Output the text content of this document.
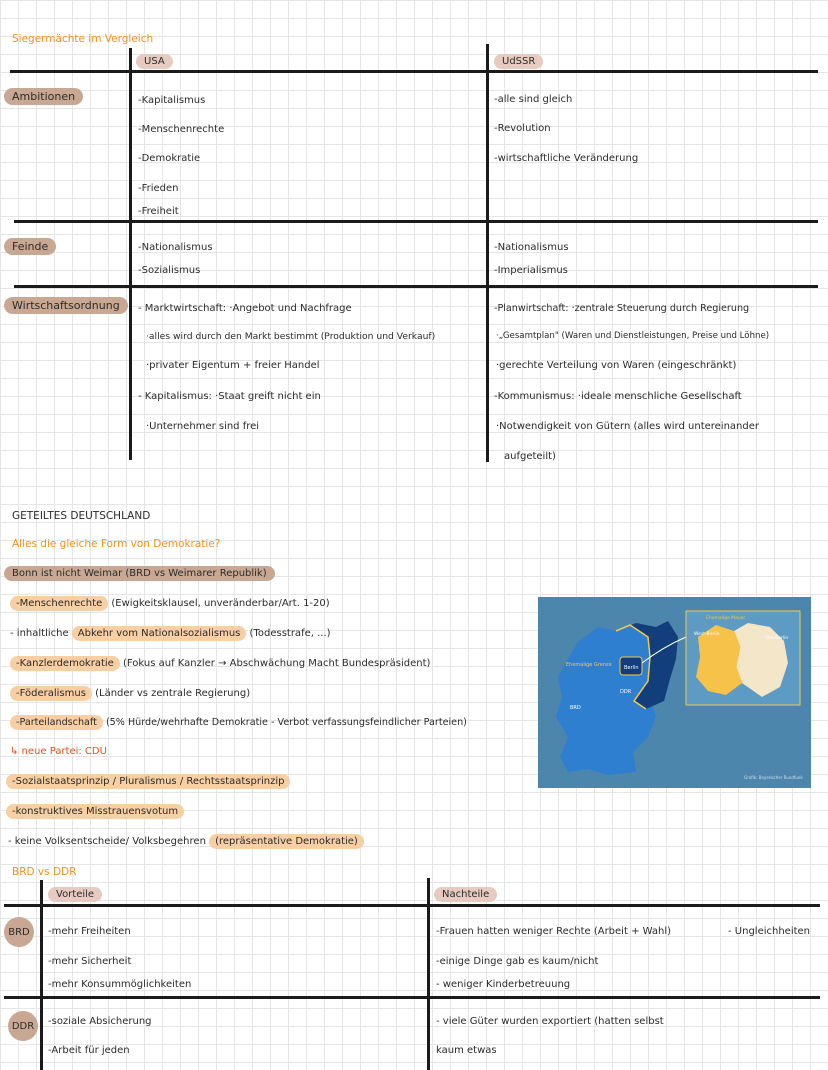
Siegermächte im Vergleich
USA	UdSSR
Ambitionen
Feinde
Wirtschaftsordnung
-Kapitalismus
-Menschenrechte
-Demokratie
-Frieden
-Freiheit
-alle sind gleich
-Revolution
-wirtschaftliche Veränderung
-Nationalismus
-Sozialismus
-Nationalismus
-Imperialismus
- Marktwirtschaft: ·Angebot und Nachfrage
·alles wird durch den Markt bestimmt (Produktion und Verkauf)
·privater Eigentum + freier Handel
- Kapitalismus: ·Staat greift nicht ein
·Unternehmer sind frei
-Planwirtschaft: ·zentrale Steuerung durch Regierung
·„Gesamtplan" (Waren und Dienstleistungen, Preise und Löhne)
·gerechte Verteilung von Waren (eingeschränkt)
-Kommunismus: ·ideale menschliche Gesellschaft
·Notwendigkeit von Gütern (alles wird untereinander
aufgeteilt)
GETEILTES DEUTSCHLAND
Alles die gleiche Form von Demokratie?
Bonn ist nicht Weimar (BRD vs Weimarer Republik)
-Menschenrechte (Ewigkeitsklausel, unveränderbar/Art. 1-20)
- inhaltliche Abkehr vom Nationalsozialismus (Todesstrafe, ...)
-Kanzlerdemokratie (Fokus auf Kanzler → Abschwächung Macht Bundespräsident)
-Föderalismus (Länder vs zentrale Regierung)
-Parteilandschaft (5% Hürde/wehrhafte Demokratie - Verbot verfassungsfeindlicher Parteien)
↳ neue Partei: CDU
-Sozialstaatsprinzip / Pluralismus / Rechtsstaatsprinzip
-konstruktives Misstrauensvotum
- keine Volksentscheide/ Volksbegehren (repräsentative Demokratie)
Berlin
Ehemalige Grenze
BRD
DDR
Ehemalige Mauer
West-Berlin
Ost-Berlin
Grafik: Bayerischer Rundfunk
BRD vs DDR
Vorteile	Nachteile
BRD
DDR
-mehr Freiheiten
-mehr Sicherheit
-mehr Konsummöglichkeiten
-Frauen hatten weniger Rechte (Arbeit + Wahl)
-einige Dinge gab es kaum/nicht
- weniger Kinderbetreuung
- Ungleichheiten
-soziale Absicherung
-Arbeit für jeden
- viele Güter wurden exportiert (hatten selbst
kaum etwas
